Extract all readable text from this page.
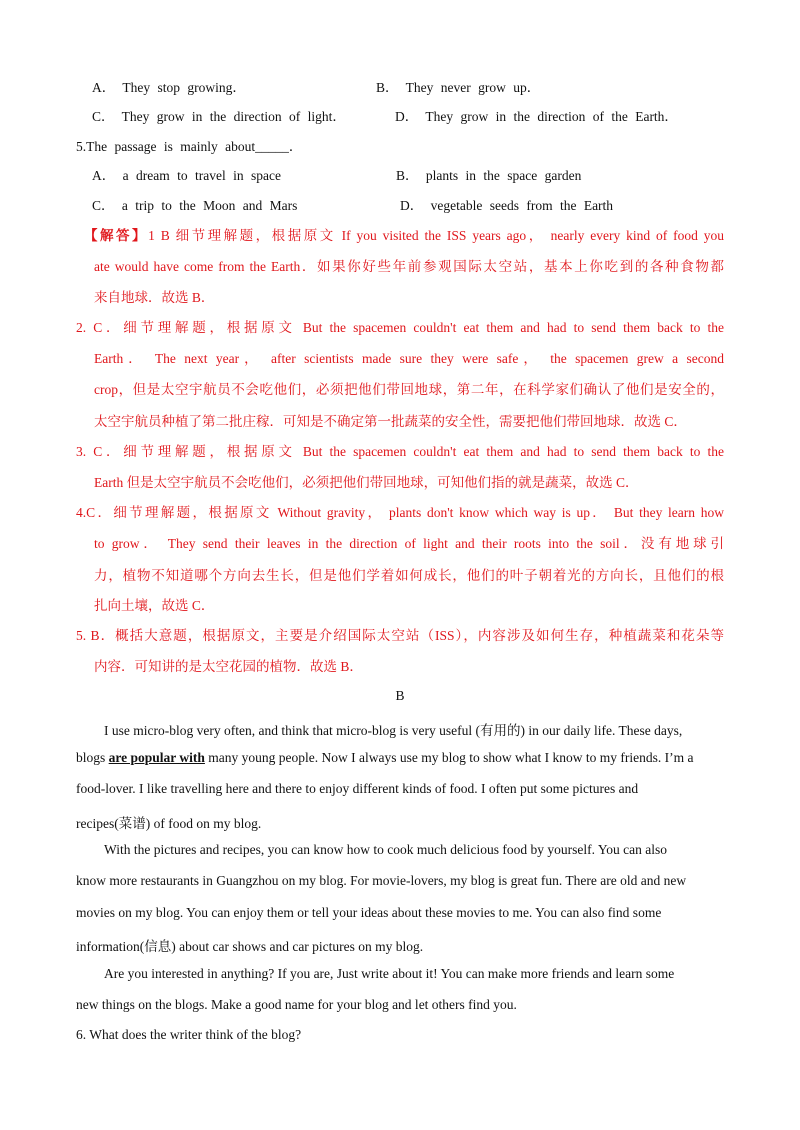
A． They stop growing．	B． They never grow up．
C． They grow in the direction of light．	D． They grow in the direction of the Earth．
5.The passage is mainly about_____．
A． a dream to travel in space	B． plants in the space garden
C． a trip to the Moon and Mars	D． vegetable seeds from the Earth
【解答】1 B 细节理解题，根据原文 If you visited the ISS years ago， nearly every kind of food you
ate would have come from the Earth．如果你好些年前参观国际太空站，基本上你吃到的各种食物都
来自地球．故选 B．
2. C．细节理解题，根据原文 But the spacemen couldn't eat them and had to send them back to the
Earth． The next year， after scientists made sure they were safe， the spacemen grew a second
crop，但是太空宇航员不会吃他们，必须把他们带回地球，第二年，在科学家们确认了他们是安全的，
太空宇航员种植了第二批庄稼．可知是不确定第一批蔬菜的安全性，需要把他们带回地球．故选 C．
3. C．细节理解题，根据原文 But the spacemen couldn't eat them and had to send them back to the
Earth 但是太空宇航员不会吃他们，必须把他们带回地球，可知他们指的就是蔬菜，故选 C．
4.C．细节理解题，根据原文 Without gravity， plants don't know which way is up． But they learn how
to grow． They send their leaves in the direction of light and their roots into the soil．没有地球引
力，植物不知道哪个方向去生长，但是他们学着如何成长，他们的叶子朝着光的方向长，且他们的根
扎向土壤，故选 C．
5. B．概括大意题，根据原文，主要是介绍国际太空站（ISS），内容涉及如何生存，种植蔬菜和花朵等
内容．可知讲的是太空花园的植物．故选 B．
B
I use micro-blog very often, and think that micro-blog is very useful (有用的) in our daily life. These days,
blogs are popular with many young people. Now I always use my blog to show what I know to my friends. I’m a
food-lover. I like travelling here and there to enjoy different kinds of food. I often put some pictures and
recipes(菜谱) of food on my blog.
With the pictures and recipes, you can know how to cook much delicious food by yourself. You can also
know more restaurants in Guangzhou on my blog. For movie-lovers, my blog is great fun. There are old and new
movies on my blog. You can enjoy them or tell your ideas about these movies to me. You can also find some
information(信息) about car shows and car pictures on my blog.
Are you interested in anything? If you are, Just write about it! You can make more friends and learn some
new things on the blogs. Make a good name for your blog and let others find you.
6. What does the writer think of the blog?
